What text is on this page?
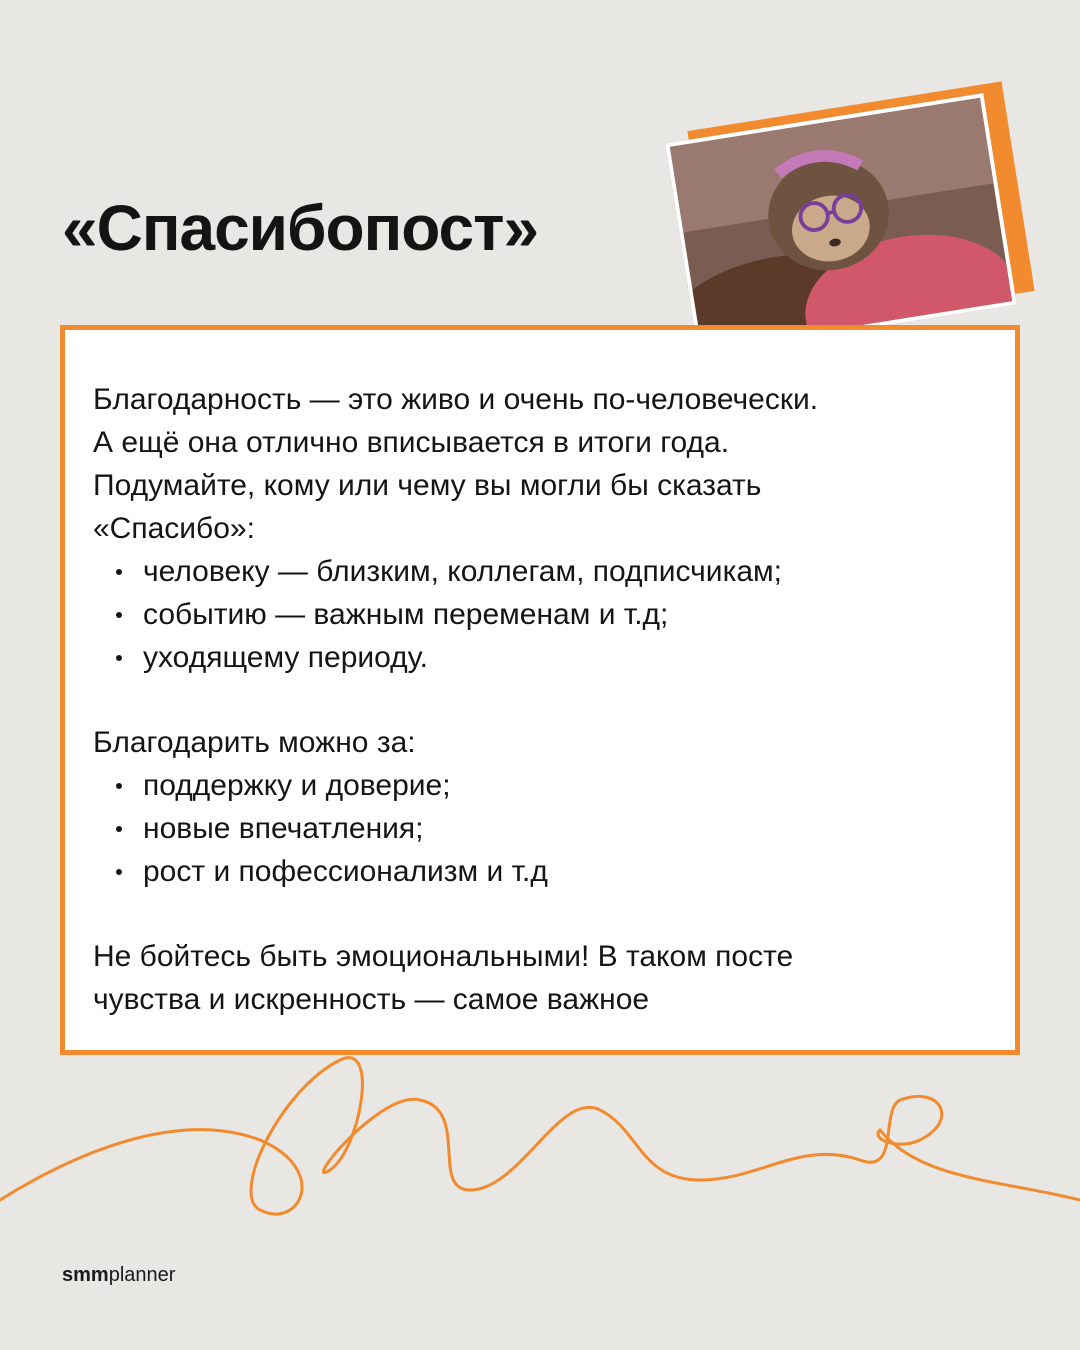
«Спасибопост»

Благодарность — это живо и очень по-человечески.

А ещё она отлично вписывается в итоги года.

Подумайте, кому или чему вы могли бы сказать

«Спасибо»:

человеку — близким, коллегам, подписчикам;
событию — важным переменам и т.д;
уходящему периоду.

Благодарить можно за:

поддержку и доверие;
новые впечатления;
рост и пофессионализм и т.д

Не бойтесь быть эмоциональными! В таком посте

чувства и искренность — самое важное

smmplanner
